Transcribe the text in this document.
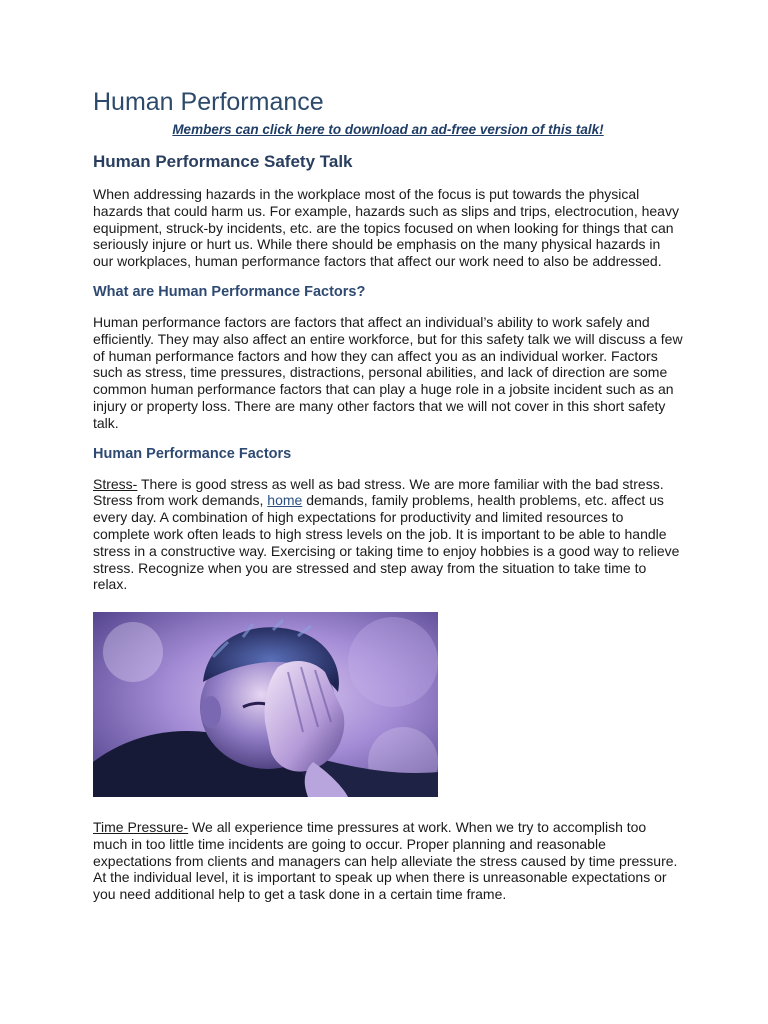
Human Performance
Members can click here to download an ad-free version of this talk!
Human Performance Safety Talk

When addressing hazards in the workplace most of the focus is put towards the physical hazards that could harm us. For example, hazards such as slips and trips, electrocution, heavy equipment, struck-by incidents, etc. are the topics focused on when looking for things that can seriously injure or hurt us. While there should be emphasis on the many physical hazards in our workplaces, human performance factors that affect our work need to also be addressed.

What are Human Performance Factors?

Human performance factors are factors that affect an individual’s ability to work safely and efficiently. They may also affect an entire workforce, but for this safety talk we will discuss a few of human performance factors and how they can affect you as an individual worker. Factors such as stress, time pressures, distractions, personal abilities, and lack of direction are some common human performance factors that can play a huge role in a jobsite incident such as an injury or property loss. There are many other factors that we will not cover in this short safety talk.

Human Performance Factors

Stress- There is good stress as well as bad stress. We are more familiar with the bad stress. Stress from work demands, home demands, family problems, health problems, etc. affect us every day. A combination of high expectations for productivity and limited resources to complete work often leads to high stress levels on the job. It is important to be able to handle stress in a constructive way. Exercising or taking time to enjoy hobbies is a good way to relieve stress. Recognize when you are stressed and step away from the situation to take time to relax.

Time Pressure- We all experience time pressures at work. When we try to accomplish too much in too little time incidents are going to occur. Proper planning and reasonable expectations from clients and managers can help alleviate the stress caused by time pressure. At the individual level, it is important to speak up when there is unreasonable expectations or you need additional help to get a task done in a certain time frame.
